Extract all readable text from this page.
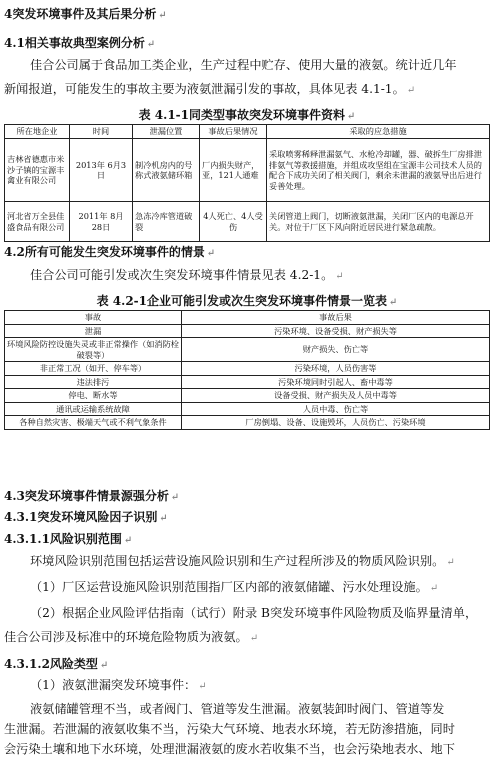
4突发环境事件及其后果分析 ↵
4.1相关事故典型案例分析 ↵
佳合公司属于食品加工类企业，生产过程中贮存、使用大量的液氨。统计近几年
新闻报道，可能发生的事故主要为液氨泄漏引发的事故，具体见表 4.1-1。 ↵
表 4.1-1同类型事故突发环境事件资料 ↵
所在地企业	时间	泄漏位置	事故后果情况	采取的应急措施
吉林省德惠市米沙子镇的宝源丰禽业有限公司	2013年 6月3日	制冷机房内的号称式液氨储环箱	厂内损失财产，亚，121人通难	采取喷雾稀释泄漏氨气、水枪冷却罐，器、破拆生厂房排泄排氨气等救援措施，并组成攻坚组在宝源丰公司技术人员的配合下成功关闭了相关阀门，剩余未泄漏的液氨导出后进行妥善处理。
河北省万全县佳盛食品有限公司	2011年 8月 28日	急冻冷库管道破裂	4人死亡、4人受伤	关闭管道上阀门，切断液氨泄漏，关闭厂区内的电源总开关。对位于厂区下风向附近居民进行紧急疏散。
4.2所有可能发生突发环境事件的情景 ↵
佳合公司可能引发或次生突发环境事件情景见表 4.2-1。 ↵
表 4.2-1企业可能引发或次生突发环境事件情景一览表 ↵
事故	事故后果
泄漏	污染环境、设备受损、财产损失等
环境风险防控设施失灵或非正常操作（如消防栓破裂等）	财产损失、伤亡等
非正常工况（如开、停车等）	污染环境，人员伤害等
违法排污	污染环境同时引起人、畜中毒等
停电、断水等	设备受损、财产损失及人员中毒等
通讯或运输系统故障	人员中毒、伤亡等
各种自然灾害、极端天气或不利气象条件	厂房倒塌、设备、设施毁坏，人员伤亡、污染环境
4.3突发环境事件情景源强分析 ↵
4.3.1突发环境风险因子识别 ↵
4.3.1.1风险识别范围 ↵
环境风险识别范围包括运营设施风险识别和生产过程所涉及的物质风险识别。 ↵
（1）厂区运营设施风险识别范围指厂区内部的液氨储罐、污水处理设施。 ↵
（2）根据企业风险评估指南（试行）附录 B突发环境事件风险物质及临界量清单，
佳合公司涉及标准中的环境危险物质为液氨。 ↵
4.3.1.2风险类型 ↵
（1）液氨泄漏突发环境事件： ↵
液氨储罐管理不当，或者阀门、管道等发生泄漏。液氨装卸时阀门、管道等发
生泄漏。若泄漏的液氨收集不当，污染大气环境、地表水环境，若无防渗措施，同时
会污染土壤和地下水环境，处理泄漏液氨的废水若收集不当，也会污染地表水、地下
